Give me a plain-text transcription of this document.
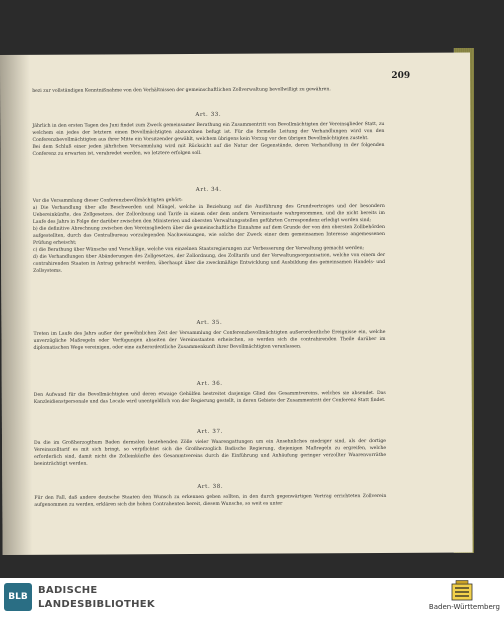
209

bezi zur vollständigen Kenntnißnahme von den Verhältnissen der gemeinschaftlichen Zollverwaltung bevollwilligt zu gewähren.

Art. 33.

Jährlich in den ersten Tagen des Juni findet zum Zweck gemeinsamer Berathung ein Zusammentritt von Bevollmächtigten der Vereinsglieder Statt, zu welchem ein jedes der letztern einen Bevollmächtigten abzuordnen befugt ist. Für die formelle Leitung der Verhandlungen wird von den Conferenzbevollmächtigten aus ihrer Mitte ein Vorsitzender gewählt, welchem übrigens kein Vorzug vor den übrigen Bevollmächtigten zusteht.

Bei dem Schluß einer jeden jährlichen Versammlung wird mit Rücksicht auf die Natur der Gegenstände, deren Verhandlung in der folgenden Conferenz zu erwarten ist, verabredet werden, wo letztere erfolgen soll.

Art. 34.

Vor die Versammlung dieser Conferenzbevollmächtigten gehört:

a) Die Verhandlung über alle Beschwerden und Mängel, welche in Beziehung auf die Ausführung des Grundvertrages und der besondern Uebereinkünfte, des Zollgesetzes, der Zollordnung und Tarife in einem oder dem andern Vereinsstaate wahrgenommen, und die nicht bereits im Laufe des Jahrs in Folge der darüber zwischen den Ministerien und obersten Verwaltungsstellen geführten Correspondenz erledigt worden sind;

b) die definitive Abrechnung zwischen den Vereinsgliedern über die gemeinschaftliche Einnahme auf dem Grunde der von den obersten Zollbehörden aufgestellten, durch das Centralbureau vorzulegenden Nachweisungen, wie solche der Zweck einer dem gemeinsamen Interesse angemessenen Prüfung erheischt;

c) die Berathung über Wünsche und Vorschläge, welche von einzelnen Staatsregierungen zur Verbesserung der Verwaltung gemacht werden;

d) die Verhandlungen über Abänderungen des Zollgesetzes, der Zollordnung, des Zolltarifs und der Verwaltungsorganisation, welche von einem der contrahirenden Staaten in Antrag gebracht werden, überhaupt über die zweckmäßige Entwicklung und Ausbildung des gemeinsamen Handels- und Zollsystems.

Art. 35.

Treten im Laufe des Jahrs außer der gewöhnlichen Zeit der Versammlung der Conferenzbevollmächtigten außerordentliche Ereignisse ein, welche unverzügliche Maßregeln oder Verfügungen abseiten der Vereinsstaaten erheischen, so werden sich die contrahirenden Theile darüber im diplomatischen Wege vereinigen, oder eine außerordentliche Zusammenkunft ihrer Bevollmächtigten veranlassen.

Art. 36.

Den Aufwand für die Bevollmächtigten und deren etwaige Gehülfen bestreitet dasjenige Glied des Gesammtvereins, welches sie absendet. Das Kanzleidienstpersonale und das Locale wird unentgeldlich von der Regierung gestellt, in deren Gebiete der Zusammentritt der Conferenz Statt findet.

Art. 37.

Da die im Großherzogthum Baden dermalen bestehenden Zölle vieler Waarengattungen um ein Ansehnliches niedriger sind, als der dortige Vereinszolltarif es mit sich bringt, so verpflichtet sich die Großherzoglich Badische Regierung, diejenigen Maßregeln zu ergreifen, welche erforderlich sind, damit nicht die Zolleinkünfte des Gesammtvereins durch die Einführung und Anhäufung geringer verzollter Waarenvorräthe beeinträchtigt werden.

Art. 38.

Für den Fall, daß andere deutsche Staaten den Wunsch zu erkennen geben sollten, in den durch gegenwärtigen Vertrag errichteten Zollverein aufgenommen zu werden, erklären sich die hohen Contrahenten bereit, diesem Wunsche, so weit es unter

BLB
BADISCHE
LANDESBIBLIOTHEK	Baden-Württemberg
